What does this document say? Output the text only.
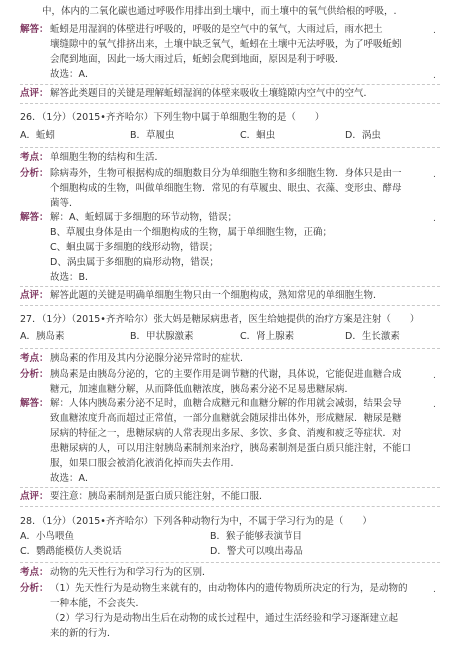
中，体内的二氧化碳也通过呼吸作用排出到土壤中，而土壤中的氧气供给根的呼吸，.
解答： 蚯蚓是用湿润的体壁进行呼吸的，呼吸的是空气中的氧气，大雨过后，雨水把土
壤缝隙中的氧气排挤出来，土壤中缺乏氧气，蚯蚓在土壤中无法呼吸，为了呼吸蚯蚓
会爬到地面，因此一场大雨过后，蚯蚓会爬到地面，原因是利于呼吸．
故选：A．
点评： 解答此类题目的关键是理解蚯蚓湿润的体壁来吸收土壤缝隙内空气中的空气．
26．（1分）（2015•齐齐哈尔）下列生物中属于单细胞生物的是（　　）
A．蚯蚓	B．草履虫	C．蛔虫	D．涡虫
考点： 单细胞生物的结构和生活．
分析： 除病毒外，生物可根据构成的细胞数目分为单细胞生物和多细胞生物．身体只是由一
个细胞构成的生物，叫做单细胞生物．常见的有草履虫、眼虫、衣藻、变形虫、酵母
菌等．
解答： 解：A、蚯蚓属于多细胞的环节动物，错误；
B、草履虫身体是由一个细胞构成的生物，属于单细胞生物，正确；
C、蛔虫属于多细胞的线形动物，错误；
D、涡虫属于多细胞的扁形动物，错误；
故选：B．
点评： 解答此题的关键是明确单细胞生物只由一个细胞构成，熟知常见的单细胞生物．
27．（1分）（2015•齐齐哈尔）张大妈是糖尿病患者，医生给她提供的治疗方案是注射（　　）
A．胰岛素	B．甲状腺激素	C．肾上腺素	D．生长激素
考点： 胰岛素的作用及其内分泌腺分泌异常时的症状．
分析： 胰岛素是由胰岛分泌的，它的主要作用是调节糖的代谢，具体说，它能促进血糖合成
糖元，加速血糖分解，从而降低血糖浓度，胰岛素分泌不足易患糖尿病．
解答： 解：人体内胰岛素分泌不足时，血糖合成糖元和血糖分解的作用就会减弱，结果会导
致血糖浓度升高而超过正常值，一部分血糖就会随尿排出体外，形成糖尿．糖尿是糖
尿病的特征之一，患糖尿病的人常表现出多尿、多饮、多食、消瘦和疲乏等症状．对
患糖尿病的人，可以用注射胰岛素制剂来治疗，胰岛素制剂是蛋白质只能注射，不能口
服，如果口服会被消化液消化掉而失去作用．
故选：A．
点评： 要注意：胰岛素制剂是蛋白质只能注射，不能口服．
28．（1分）（2015•齐齐哈尔）下列各种动物行为中，不属于学习行为的是（　　）
A．小鸟喂鱼	B．猴子能够表演节目
C．鹦鹉能模仿人类说话	D．警犬可以嗅出毒品
考点： 动物的先天性行为和学习行为的区别．
分析： （1）先天性行为是动物生来就有的，由动物体内的遗传物质所决定的行为，是动物的
一种本能，不会丧失．
（2）学习行为是动物出生后在动物的成长过程中，通过生活经验和学习逐渐建立起
来的新的行为．
.
.
.
.
.
.
.
